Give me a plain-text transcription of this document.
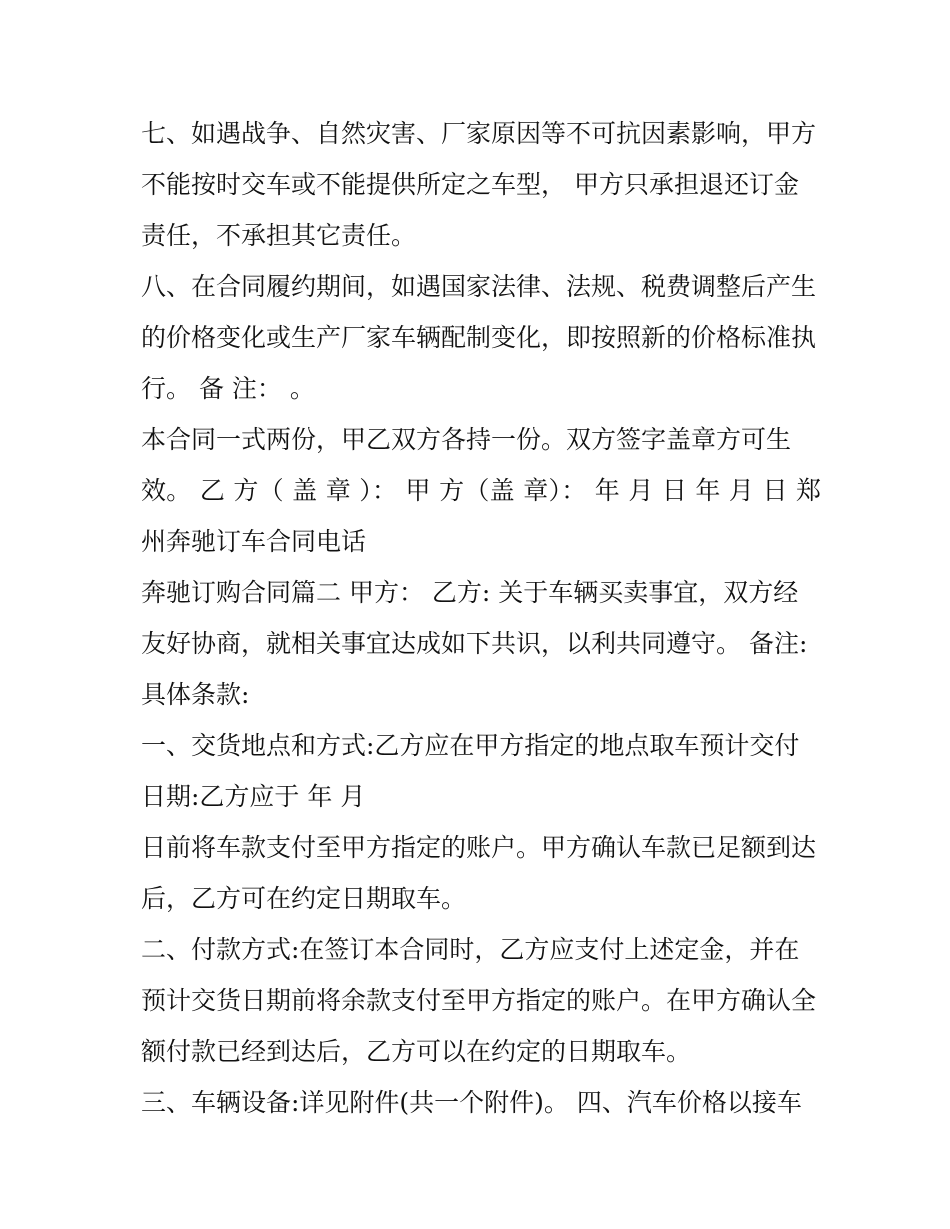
七、如遇战争、自然灾害、厂家原因等不可抗因素影响，甲方
不能按时交车或不能提供所定之车型， 甲方只承担退还订金
责任，不承担其它责任。
八、在合同履约期间，如遇国家法律、法规、税费调整后产生
的价格变化或生产厂家车辆配制变化，即按照新的价格标准执
行。 备 注： 。
本合同一式两份，甲乙双方各持一份。双方签字盖章方可生
效。 乙 方（ 盖 章 ）： 甲 方（盖 章）： 年 月 日 年 月 日 郑
州奔驰订车合同电话
奔驰订购合同篇二 甲方： 乙方: 关于车辆买卖事宜，双方经
友好协商，就相关事宜达成如下共识，以利共同遵守。 备注:
具体条款:
一、交货地点和方式:乙方应在甲方指定的地点取车预计交付
日期:乙方应于 年 月
日前将车款支付至甲方指定的账户。甲方确认车款已足额到达
后，乙方可在约定日期取车。
二、付款方式:在签订本合同时，乙方应支付上述定金，并在
预计交货日期前将余款支付至甲方指定的账户。在甲方确认全
额付款已经到达后，乙方可以在约定的日期取车。
三、车辆设备:详见附件(共一个附件)。 四、汽车价格以接车
